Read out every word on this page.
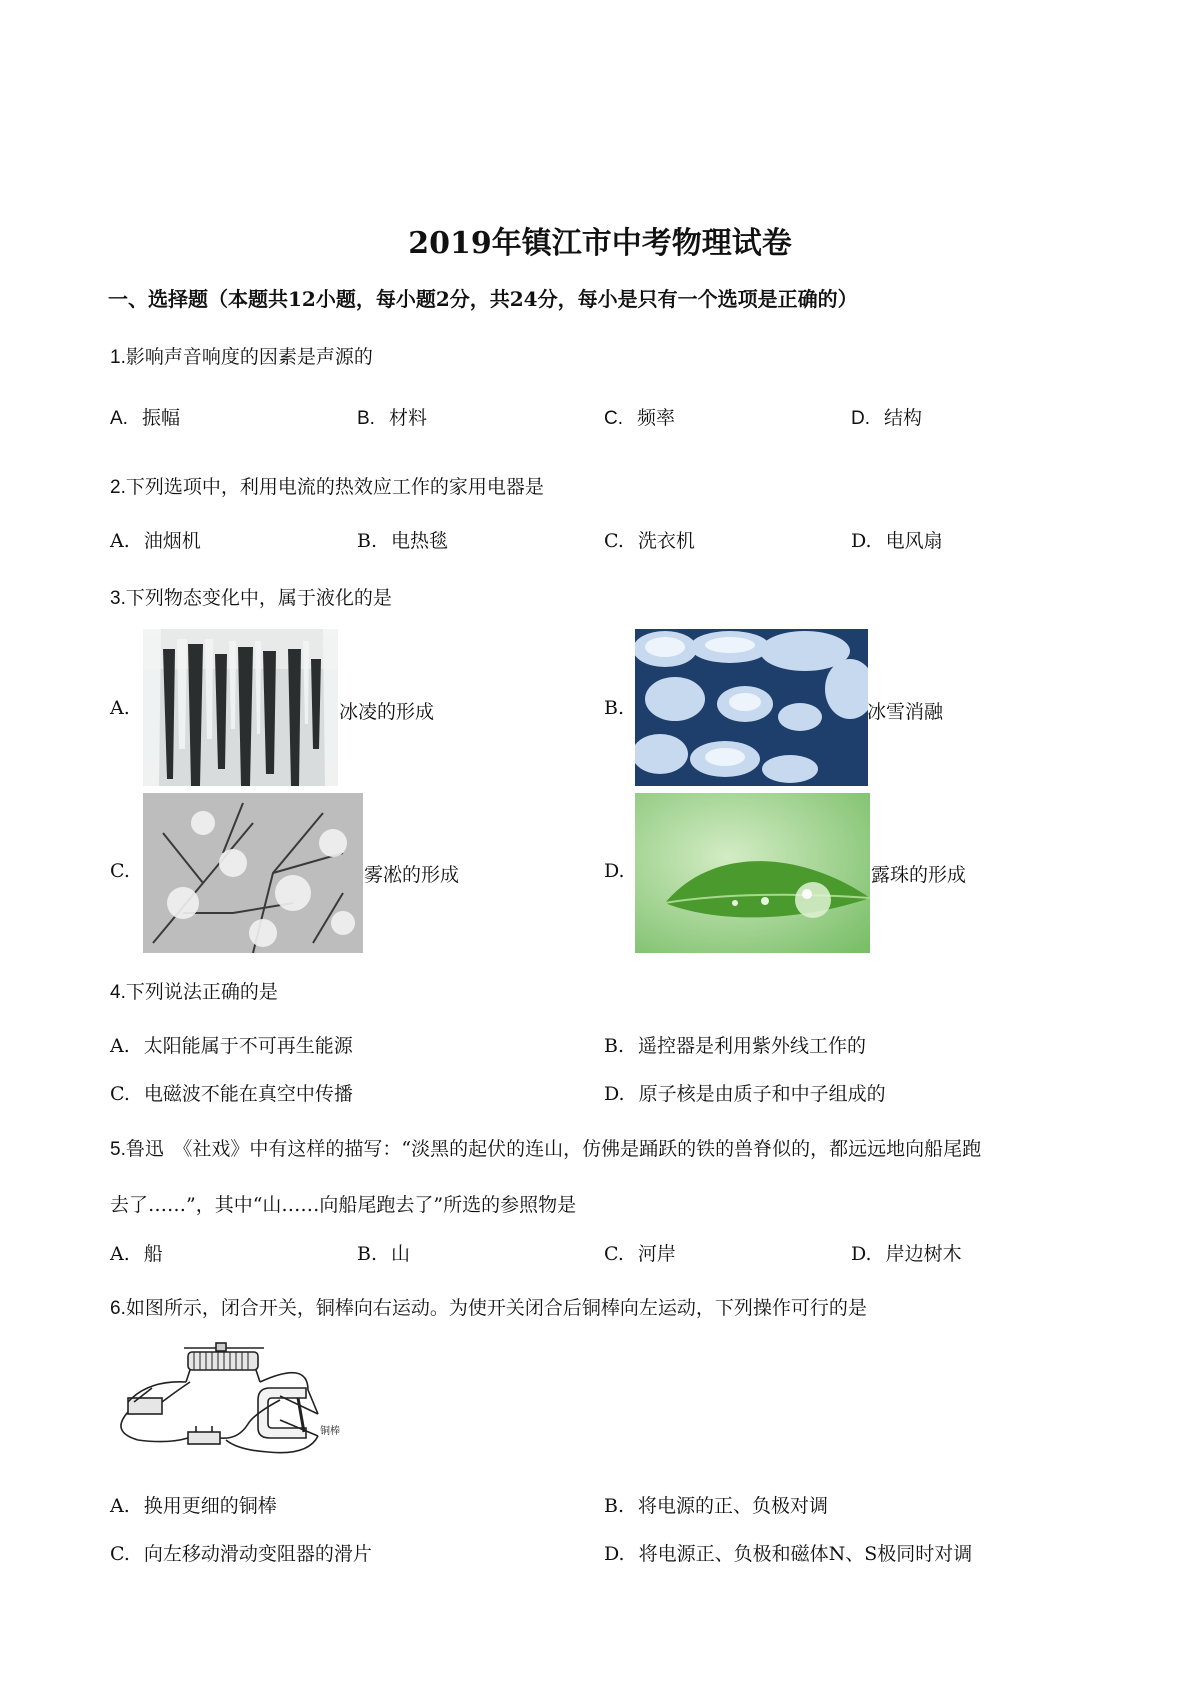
2019年镇江市中考物理试卷
一、选择题（本题共12小题，每小题2分，共24分，每小是只有一个选项是正确的）
1.影响声音响度的因素是声源的
A. 振幅	B. 材料	C. 频率	D. 结构
2.下列选项中，利用电流的热效应工作的家用电器是
A. 油烟机	B. 电热毯	C. 洗衣机	D. 电风扇
3.下列物态变化中，属于液化的是
A.	冰凌的形成	B.	冰雪消融
C.	雾凇的形成	D.	露珠的形成
4.下列说法正确的是
A. 太阳能属于不可再生能源	B. 遥控器是利用紫外线工作的
C. 电磁波不能在真空中传播	D. 原子核是由质子和中子组成的
5.鲁迅　《社戏》中有这样的描写：“淡黑的起伏的连山，仿佛是踊跃的铁的兽脊似的，都远远地向船尾跑
去了……”，其中“山……向船尾跑去了”所选的参照物是
A. 船	B. 山	C. 河岸	D. 岸边树木
6.如图所示，闭合开关，铜棒向右运动。为使开关闭合后铜棒向左运动，下列操作可行的是
铜棒
A. 换用更细的铜棒	B. 将电源的正、负极对调
C. 向左移动滑动变阻器的滑片	D. 将电源正、负极和磁体N、S极同时对调
